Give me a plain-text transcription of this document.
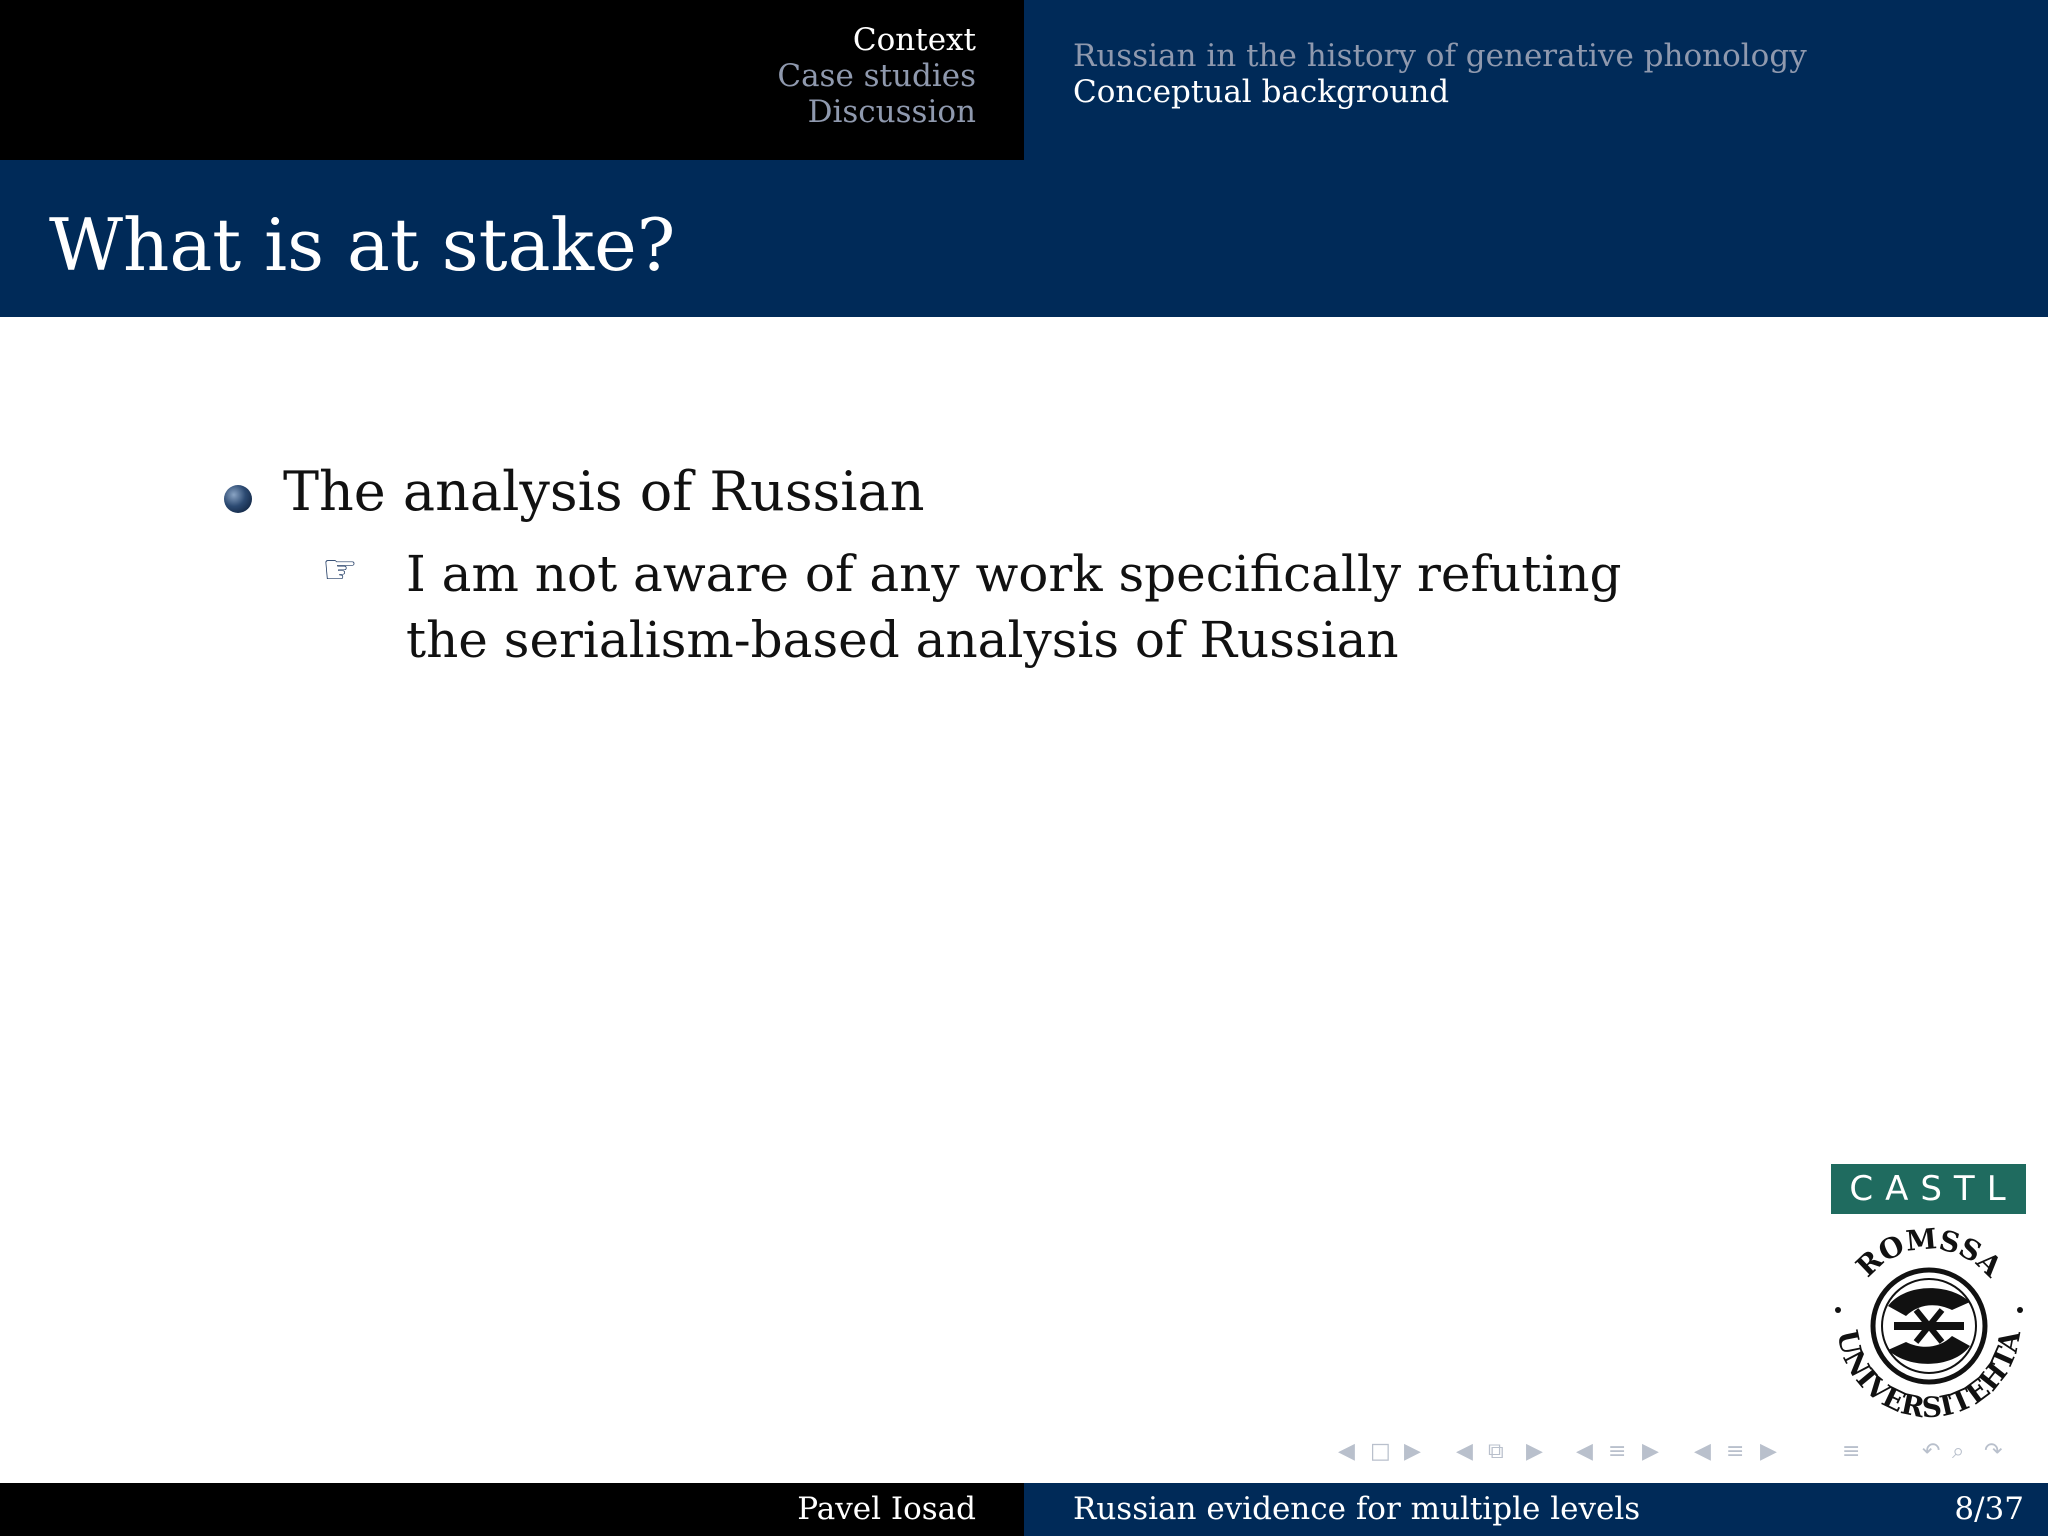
Context
Case studies
Discussion
Russian in the history of generative phonology
Conceptual background
What is at stake?
The analysis of Russian
☞ I am not aware of any work specifically refuting the serialism-based analysis of Russian
CASTL
ROMSSA
UNIVERSITEHTA
◀ □ ▶ ◀ ⧉ ▶ ◀ ≡ ▶ ◀ ≡ ▶	≡	↶ ⌕ ↷
Pavel Iosad	Russian evidence for multiple levels	8/37
